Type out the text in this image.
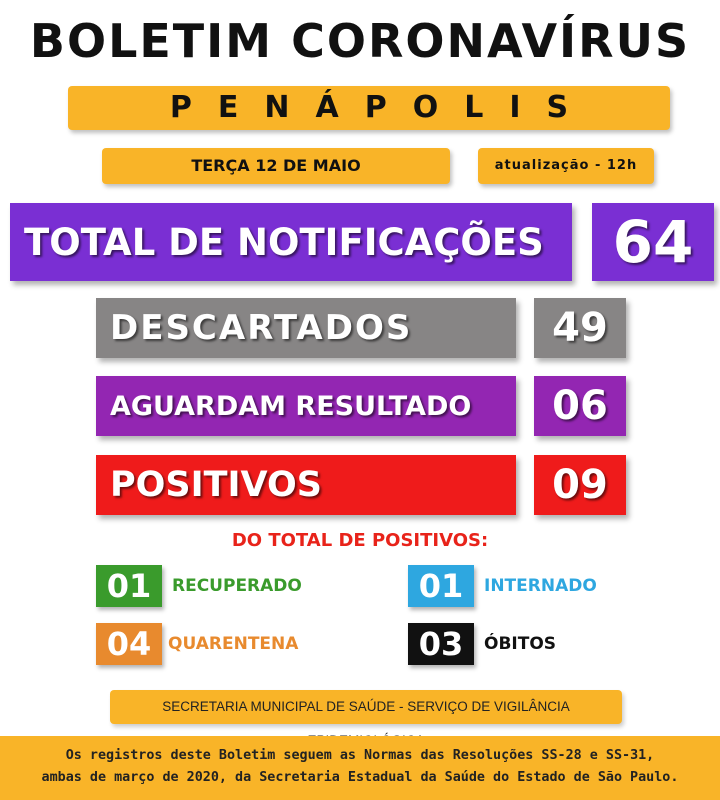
BOLETIM CORONAVÍRUS
PENÁPOLIS
TERÇA 12 DE MAIO	atualização - 12h
TOTAL DE NOTIFICAÇÕES	64
DESCARTADOS	49
AGUARDAM RESULTADO	06
POSITIVOS	09
DO TOTAL DE POSITIVOS:
01	RECUPERADO	01	INTERNADO
04 QUARENTENA	03	ÓBITOS
SECRETARIA MUNICIPAL DE SAÚDE - SERVIÇO DE VIGILÂNCIA
Os registros deste Boletim seguem as Normas das Resoluções SS-28 e SS-31,
ambas de março de 2020, da Secretaria Estadual da Saúde do Estado de São Paulo.
